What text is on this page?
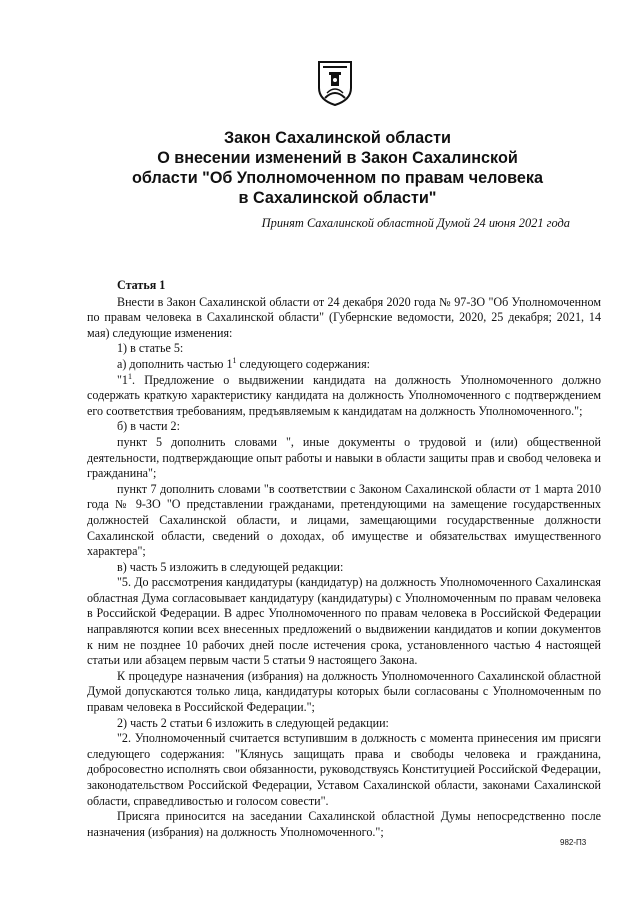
Закон Сахалинской области
О внесении изменений в Закон Сахалинской
области "Об Уполномоченном по правам человека
в Сахалинской области"
Принят Сахалинской областной Думой 24 июня 2021 года

Статья 1

Внести в Закон Сахалинской области от 24 декабря 2020 года № 97-ЗО "Об Уполномоченном по правам человека в Сахалинской области" (Губернские ведомости, 2020, 25 декабря; 2021, 14 мая) следующие изменения:

1) в статье 5:

а) дополнить частью $1^1$ следующего содержания:

"$1^1$. Предложение о выдвижении кандидата на должность Уполномоченного должно содержать краткую характеристику кандидата на должность Уполномоченного с подтверждением его соответствия требованиям, предъявляемым к кандидатам на должность Уполномоченного.";

б) в части 2:

пункт 5 дополнить словами ", иные документы о трудовой и (или) общественной деятельности, подтверждающие опыт работы и навыки в области защиты прав и свобод человека и гражданина";

пункт 7 дополнить словами "в соответствии с Законом Сахалинской области от 1 марта 2010 года № 9-ЗО "О представлении гражданами, претендующими на замещение государственных должностей Сахалинской области, и лицами, замещающими государственные должности Сахалинской области, сведений о доходах, об имуществе и обязательствах имущественного характера";

в) часть 5 изложить в следующей редакции:

"5. До рассмотрения кандидатуры (кандидатур) на должность Уполномоченного Сахалинская областная Дума согласовывает кандидатуру (кандидатуры) с Уполномоченным по правам человека в Российской Федерации. В адрес Уполномоченного по правам человека в Российской Федерации направляются копии всех внесенных предложений о выдвижении кандидатов и копии документов к ним не позднее 10 рабочих дней после истечения срока, установленного частью 4 настоящей статьи или абзацем первым части 5 статьи 9 настоящего Закона.

К процедуре назначения (избрания) на должность Уполномоченного Сахалинской областной Думой допускаются только лица, кандидатуры которых были согласованы с Уполномоченным по правам человека в Российской Федерации.";

2) часть 2 статьи 6 изложить в следующей редакции:

"2. Уполномоченный считается вступившим в должность с момента принесения им присяги следующего содержания: "Клянусь защищать права и свободы человека и гражданина, добросовестно исполнять свои обязанности, руководствуясь Конституцией Российской Федерации, законодательством Российской Федерации, Уставом Сахалинской области, законами Сахалинской области, справедливостью и голосом совести".

Присяга приносится на заседании Сахалинской областной Думы непосредственно после назначения (избрания) на должность Уполномоченного.";

982-П3
